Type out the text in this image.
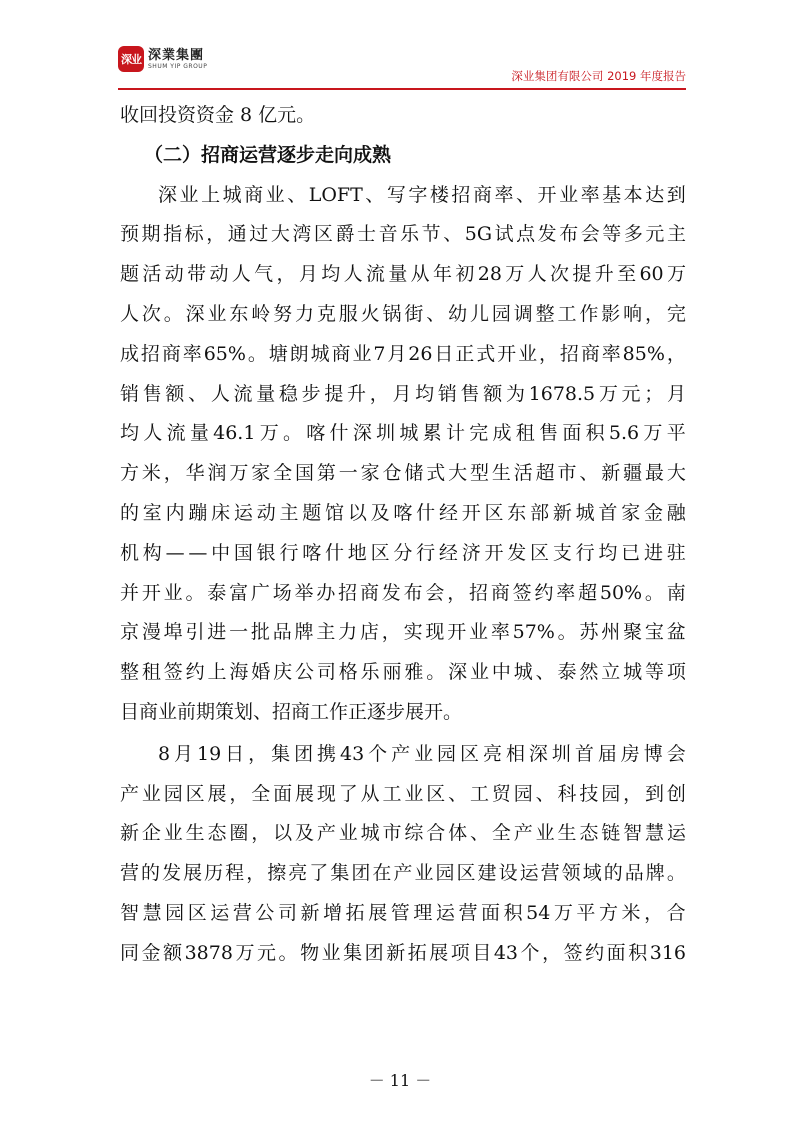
深业 深業集團
SHUM YIP GROUP
深业集团有限公司 2019 年度报告
收回投资资金 8 亿元。
（二）招商运营逐步走向成熟
深 业 上 城 商 业 、 LOFT 、 写 字 楼 招 商 率 、 开 业 率 基 本 达 到
预 期 指 标 ， 通 过 大 湾 区 爵 士 音 乐 节 、 5G 试 点 发 布 会 等 多 元 主
题 活 动 带 动 人 气 ， 月 均 人 流 量 从 年 初 28 万 人 次 提 升 至 60 万
人 次 。 深 业 东 岭 努 力 克 服 火 锅 街 、 幼 儿 园 调 整 工 作 影 响 ， 完
成 招 商 率 65% 。 塘 朗 城 商 业 7 月 26 日 正 式 开 业 ， 招 商 率 85% ，
销 售 额 、 人 流 量 稳 步 提 升 ， 月 均 销 售 额 为 1678.5 万 元 ； 月
均 人 流 量 46.1 万 。 喀 什 深 圳 城 累 计 完 成 租 售 面 积 5.6 万 平
方 米 ， 华 润 万 家 全 国 第 一 家 仓 储 式 大 型 生 活 超 市 、 新 疆 最 大
的 室 内 蹦 床 运 动 主 题 馆 以 及 喀 什 经 开 区 东 部 新 城 首 家 金 融
机 构 — — 中 国 银 行 喀 什 地 区 分 行 经 济 开 发 区 支 行 均 已 进 驻
并 开 业 。 泰 富 广 场 举 办 招 商 发 布 会 ， 招 商 签 约 率 超 50% 。 南
京 漫 埠 引 进 一 批 品 牌 主 力 店 ， 实 现 开 业 率 57% 。 苏 州 聚 宝 盆
整 租 签 约 上 海 婚 庆 公 司 格 乐 丽 雅 。 深 业 中 城 、 泰 然 立 城 等 项
目商业前期策划、招商工作正逐步展开。
8 月 19 日 ， 集 团 携 43 个 产 业 园 区 亮 相 深 圳 首 届 房 博 会
产 业 园 区 展 ， 全 面 展 现 了 从 工 业 区 、 工 贸 园 、 科 技 园 ， 到 创
新 企 业 生 态 圈 ， 以 及 产 业 城 市 综 合 体 、 全 产 业 生 态 链 智 慧 运
营 的 发 展 历 程 ， 擦 亮 了 集 团 在 产 业 园 区 建 设 运 营 领 域 的 品 牌 。
智 慧 园 区 运 营 公 司 新 增 拓 展 管 理 运 营 面 积 54 万 平 方 米 ， 合
同 金 额 3878 万 元 。 物 业 集 团 新 拓 展 项 目 43 个 ， 签 约 面 积 316
－ 11 －
